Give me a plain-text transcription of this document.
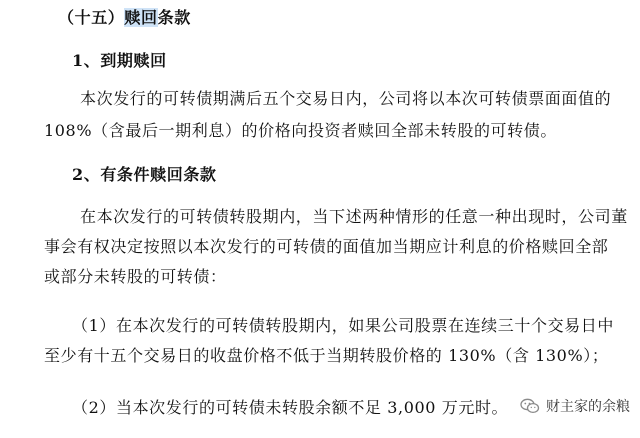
（十五）赎回条款
1、到期赎回
本次发行的可转债期满后五个交易日内，公司将以本次可转债票面面值的
108%（含最后一期利息）的价格向投资者赎回全部未转股的可转债。
2、有条件赎回条款
在本次发行的可转债转股期内，当下述两种情形的任意一种出现时，公司董
事会有权决定按照以本次发行的可转债的面值加当期应计利息的价格赎回全部
或部分未转股的可转债：
（1）在本次发行的可转债转股期内，如果公司股票在连续三十个交易日中
至少有十五个交易日的收盘价格不低于当期转股价格的 130%（含 130%）；
（2）当本次发行的可转债未转股余额不足 3,000 万元时。	财主家的余粮
